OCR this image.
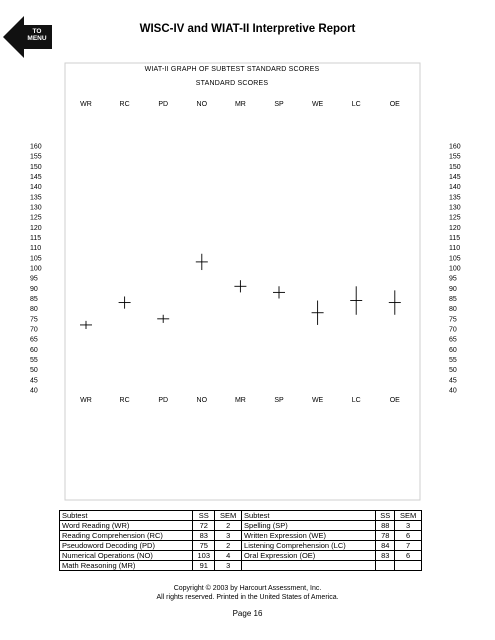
BACK
TO
MENU
WISC-IV and WIAT-II Interpretive Report
WIAT-II GRAPH OF SUBTEST STANDARD SCORES
STANDARD SCORES
WR	RC	PD	NO	MR	SP	WE	LC	OE
WR	RC	PD	NO	MR	SP	WE	LC	OE
160
155
150
145
140
135
130
125
120
115
110
105
100
95
90
85
80
75
70
65
60
55
50
45
40
160
155
150
145
140
135
130
125
120
115
110
105
100
95
90
85
80
75
70
65
60
55
50
45
40
Subtest	SS	SEM	Subtest	SS	SEM
Word Reading (WR)	72	2	Spelling (SP)	88	3
Reading Comprehension (RC)	83	3	Written Expression (WE)	78	6
Pseudoword Decoding (PD)	75	2	Listening Comprehension (LC)	84	7
Numerical Operations (NO)	103	4	Oral Expression (OE)	83	6
Math Reasoning (MR)	91	3			
Copyright © 2003 by Harcourt Assessment, Inc.
All rights reserved. Printed in the United States of America.
Page 16
